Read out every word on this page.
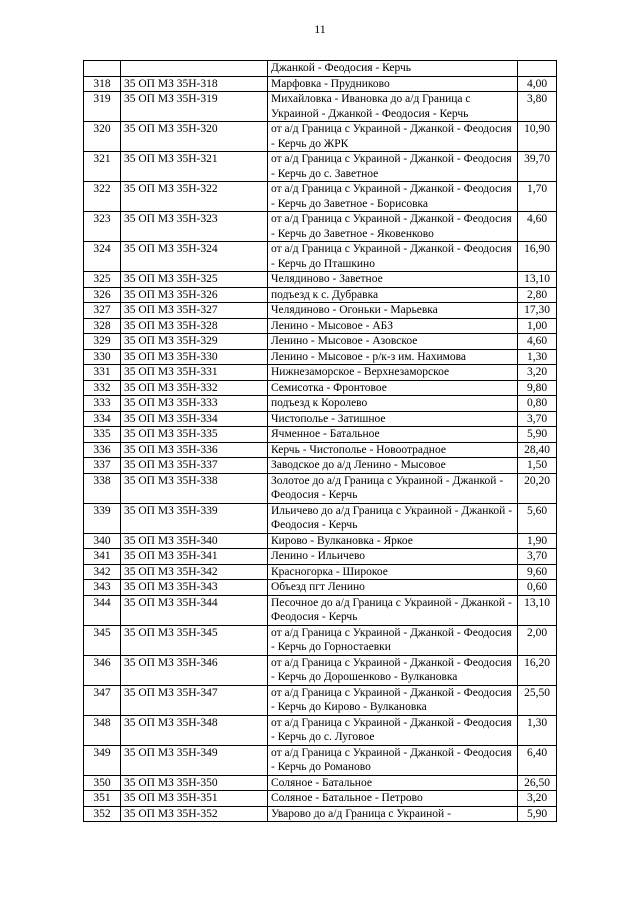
11
		Джанкой - Феодосия - Керчь	
318	35 ОП МЗ 35Н-318	Марфовка - Прудниково	4,00
319	35 ОП МЗ 35Н-319	Михайловка - Ивановка до а/д Граница с Украиной - Джанкой - Феодосия - Керчь	3,80
320	35 ОП МЗ 35Н-320	от а/д Граница с Украиной - Джанкой - Феодосия - Керчь до ЖРК	10,90
321	35 ОП МЗ 35Н-321	от а/д Граница с Украиной - Джанкой - Феодосия - Керчь до с. Заветное	39,70
322	35 ОП МЗ 35Н-322	от а/д Граница с Украиной - Джанкой - Феодосия - Керчь до Заветное - Борисовка	1,70
323	35 ОП МЗ 35Н-323	от а/д Граница с Украиной - Джанкой - Феодосия - Керчь до Заветное - Яковенково	4,60
324	35 ОП МЗ 35Н-324	от а/д Граница с Украиной - Джанкой - Феодосия - Керчь до Пташкино	16,90
325	35 ОП МЗ 35Н-325	Челядиново - Заветное	13,10
326	35 ОП МЗ 35Н-326	подъезд к с. Дубравка	2,80
327	35 ОП МЗ 35Н-327	Челядиново - Огоньки - Марьевка	17,30
328	35 ОП МЗ 35Н-328	Ленино - Мысовое - АБЗ	1,00
329	35 ОП МЗ 35Н-329	Ленино - Мысовое - Азовское	4,60
330	35 ОП МЗ 35Н-330	Ленино - Мысовое - р/к-з им. Нахимова	1,30
331	35 ОП МЗ 35Н-331	Нижнезаморское - Верхнезаморское	3,20
332	35 ОП МЗ 35Н-332	Семисотка - Фронтовое	9,80
333	35 ОП МЗ 35Н-333	подъезд к Королево	0,80
334	35 ОП МЗ 35Н-334	Чистополье - Затишное	3,70
335	35 ОП МЗ 35Н-335	Ячменное - Батальное	5,90
336	35 ОП МЗ 35Н-336	Керчь - Чистополье - Новоотрадное	28,40
337	35 ОП МЗ 35Н-337	Заводское до а/д Ленино - Мысовое	1,50
338	35 ОП МЗ 35Н-338	Золотое до а/д Граница с Украиной - Джанкой - Феодосия - Керчь	20,20
339	35 ОП МЗ 35Н-339	Ильичево до а/д Граница с Украиной - Джанкой - Феодосия - Керчь	5,60
340	35 ОП МЗ 35Н-340	Кирово - Вулкановка - Яркое	1,90
341	35 ОП МЗ 35Н-341	Ленино - Ильичево	3,70
342	35 ОП МЗ 35Н-342	Красногорка - Широкое	9,60
343	35 ОП МЗ 35Н-343	Объезд пгт Ленино	0,60
344	35 ОП МЗ 35Н-344	Песочное до а/д Граница с Украиной - Джанкой - Феодосия - Керчь	13,10
345	35 ОП МЗ 35Н-345	от а/д Граница с Украиной - Джанкой - Феодосия - Керчь до Горностаевки	2,00
346	35 ОП МЗ 35Н-346	от а/д Граница с Украиной - Джанкой - Феодосия - Керчь до Дорошенково - Вулкановка	16,20
347	35 ОП МЗ 35Н-347	от а/д Граница с Украиной - Джанкой - Феодосия - Керчь до Кирово - Вулкановка	25,50
348	35 ОП МЗ 35Н-348	от а/д Граница с Украиной - Джанкой - Феодосия - Керчь до с. Луговое	1,30
349	35 ОП МЗ 35Н-349	от а/д Граница с Украиной - Джанкой - Феодосия - Керчь до Романово	6,40
350	35 ОП МЗ 35Н-350	Соляное - Батальное	26,50
351	35 ОП МЗ 35Н-351	Соляное - Батальное - Петрово	3,20
352	35 ОП МЗ 35Н-352	Уварово до а/д Граница с Украиной -	5,90
